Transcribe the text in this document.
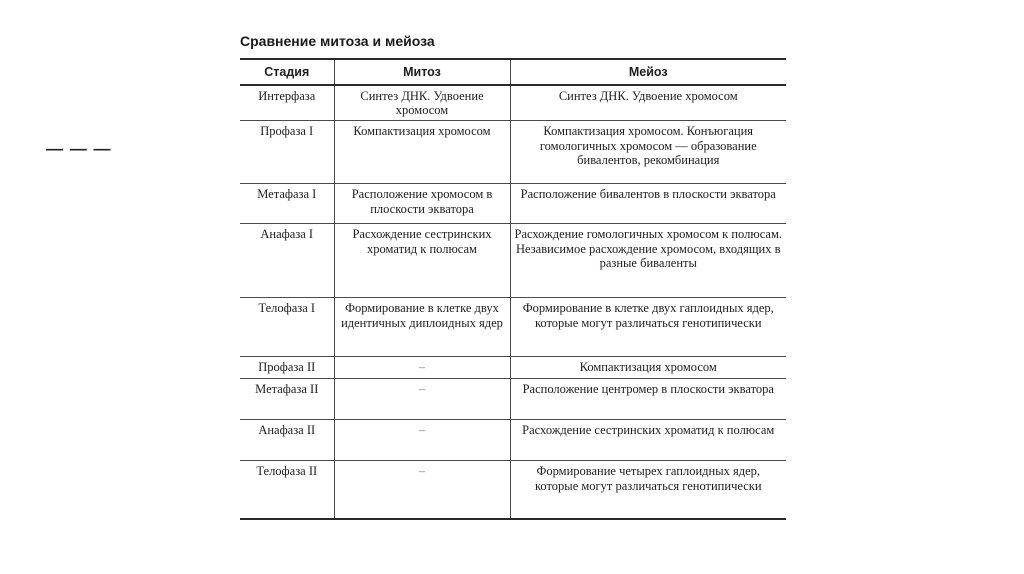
— — —
Сравнение митоза и мейоза
Стадия	Митоз	Мейоз
Интерфаза	Синтез ДНК. Удвоение хромосом	Синтез ДНК. Удвоение хромосом
Профаза I	Компактизация хромосом	Компактизация хромосом. Конъюгация гомологичных хромосом — образование бивалентов, рекомбинация
Метафаза I	Расположение хромосом в плоскости экватора	Расположение бивалентов в плоскости экватора
Анафаза I	Расхождение сестринских хроматид к полюсам	Расхождение гомологичных хромосом к полюсам. Независимое расхождение хромосом, входящих в разные биваленты
Телофаза I	Формирование в клетке двух идентичных диплоидных ядер	Формирование в клетке двух гаплоидных ядер, которые могут различаться генотипически
Профаза II	–	Компактизация хромосом
Метафаза II	–	Расположение центромер в плоскости экватора
Анафаза II	–	Расхождение сестринских хроматид к полюсам
Телофаза II	–	Формирование четырех гаплоидных ядер, которые могут различаться генотипически
